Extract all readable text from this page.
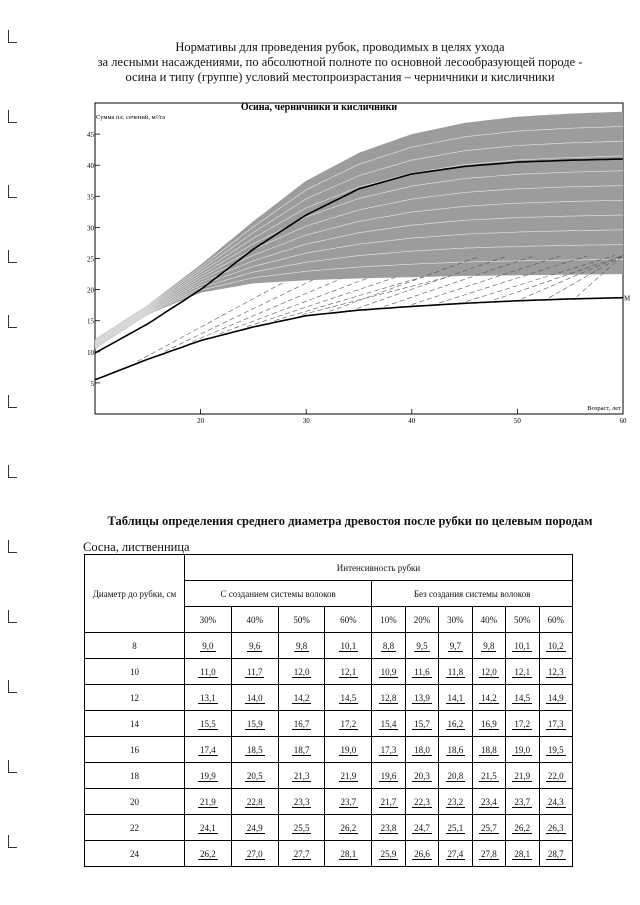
Нормативы для проведения рубок, проводимых в целях ухода
за лесными насаждениями, по абсолютной полноте по основной лесообразующей породе -
осина и типу (группе) условий местопроизрастания – черничники и кисличники
5
10
15
20
25
30
35
40
45
20	30	40	50	60
М
Осина, черничники и кисличники
Сумма пл. сечений, м²/га
Возраст, лет
Таблицы определения среднего диаметра древостоя после рубки по целевым породам
Сосна, лиственница
Диаметр до рубки, см	Интенсивность рубки									
	С созданием системы волоков				Без создания системы волоков					
	30%	40%	50%	60%	10%	20%	30%	40%	50%	60%
8	9,0	9,6	9,8	10,1	8,8	9,5	9,7	9,8	10,1	10,2
10	11,0	11,7	12,0	12,1	10,9	11,6	11,8	12,0	12,1	12,3
12	13,1	14,0	14,2	14,5	12,8	13,9	14,1	14,2	14,5	14,9
14	15,5	15,9	16,7	17,2	15,4	15,7	16,2	16,9	17,2	17,3
16	17,4	18,5	18,7	19,0	17,3	18,0	18,6	18,8	19,0	19,5
18	19,9	20,5	21,3	21,9	19,6	20,3	20,8	21,5	21,9	22,0
20	21,9	22,8	23,3	23,7	21,7	22,3	23,2	23,4	23,7	24,3
22	24,1	24,9	25,5	26,2	23,8	24,7	25,1	25,7	26,2	26,3
24	26,2	27,0	27,7	28,1	25,9	26,6	27,4	27,8	28,1	28,7
